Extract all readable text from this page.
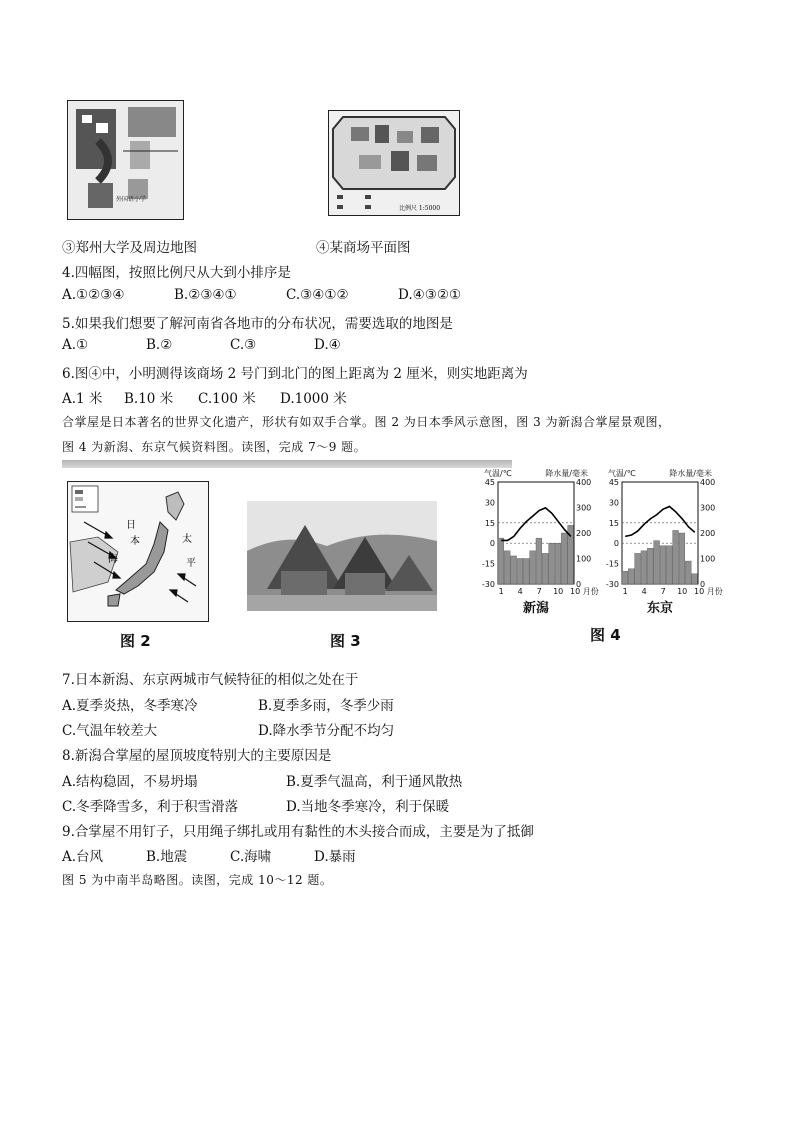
外国语小学
比例尺 1:5000
③郑州大学及周边地图	④某商场平面图
4.四幅图，按照比例尺从大到小排序是
A.①②③④	B.②③④①	C.③④①②	D.④③②①
5.如果我们想要了解河南省各地市的分布状况，需要选取的地图是
A.①	B.②	C.③	D.④
6.图④中，小明测得该商场 2 号门到北门的图上距离为 2 厘米，则实地距离为
A.1 米 B.10 米 C.100 米 D.1000 米
合掌屋是日本著名的世界文化遗产，形状有如双手合掌。图 2 为日本季风示意图，图 3 为新潟合掌屋景观图，
图 4 为新潟、东京气候资料图。读图，完成 7～9 题。
日
本
海
太
平
图 2	图 3
45
30
15
0
-15
-30
400
300
200
100
0
1 4 7 10 10 月份
气温/℃	降水量/毫米
新潟
45
30
15
0
-15
-30
400
300
200
100
0
1 4 7 10 10 月份
气温/℃	降水量/毫米
东京
图 4
7.日本新潟、东京两城市气候特征的相似之处在于
A.夏季炎热，冬季寒冷	B.夏季多雨，冬季少雨
C.气温年较差大	D.降水季节分配不均匀
8.新潟合掌屋的屋顶坡度特别大的主要原因是
A.结构稳固，不易坍塌	B.夏季气温高，利于通风散热
C.冬季降雪多，利于积雪滑落	D.当地冬季寒冷，利于保暖
9.合掌屋不用钉子，只用绳子绑扎或用有黏性的木头接合而成，主要是为了抵御
A.台风	B.地震	C.海啸	D.暴雨
图 5 为中南半岛略图。读图，完成 10～12 题。
